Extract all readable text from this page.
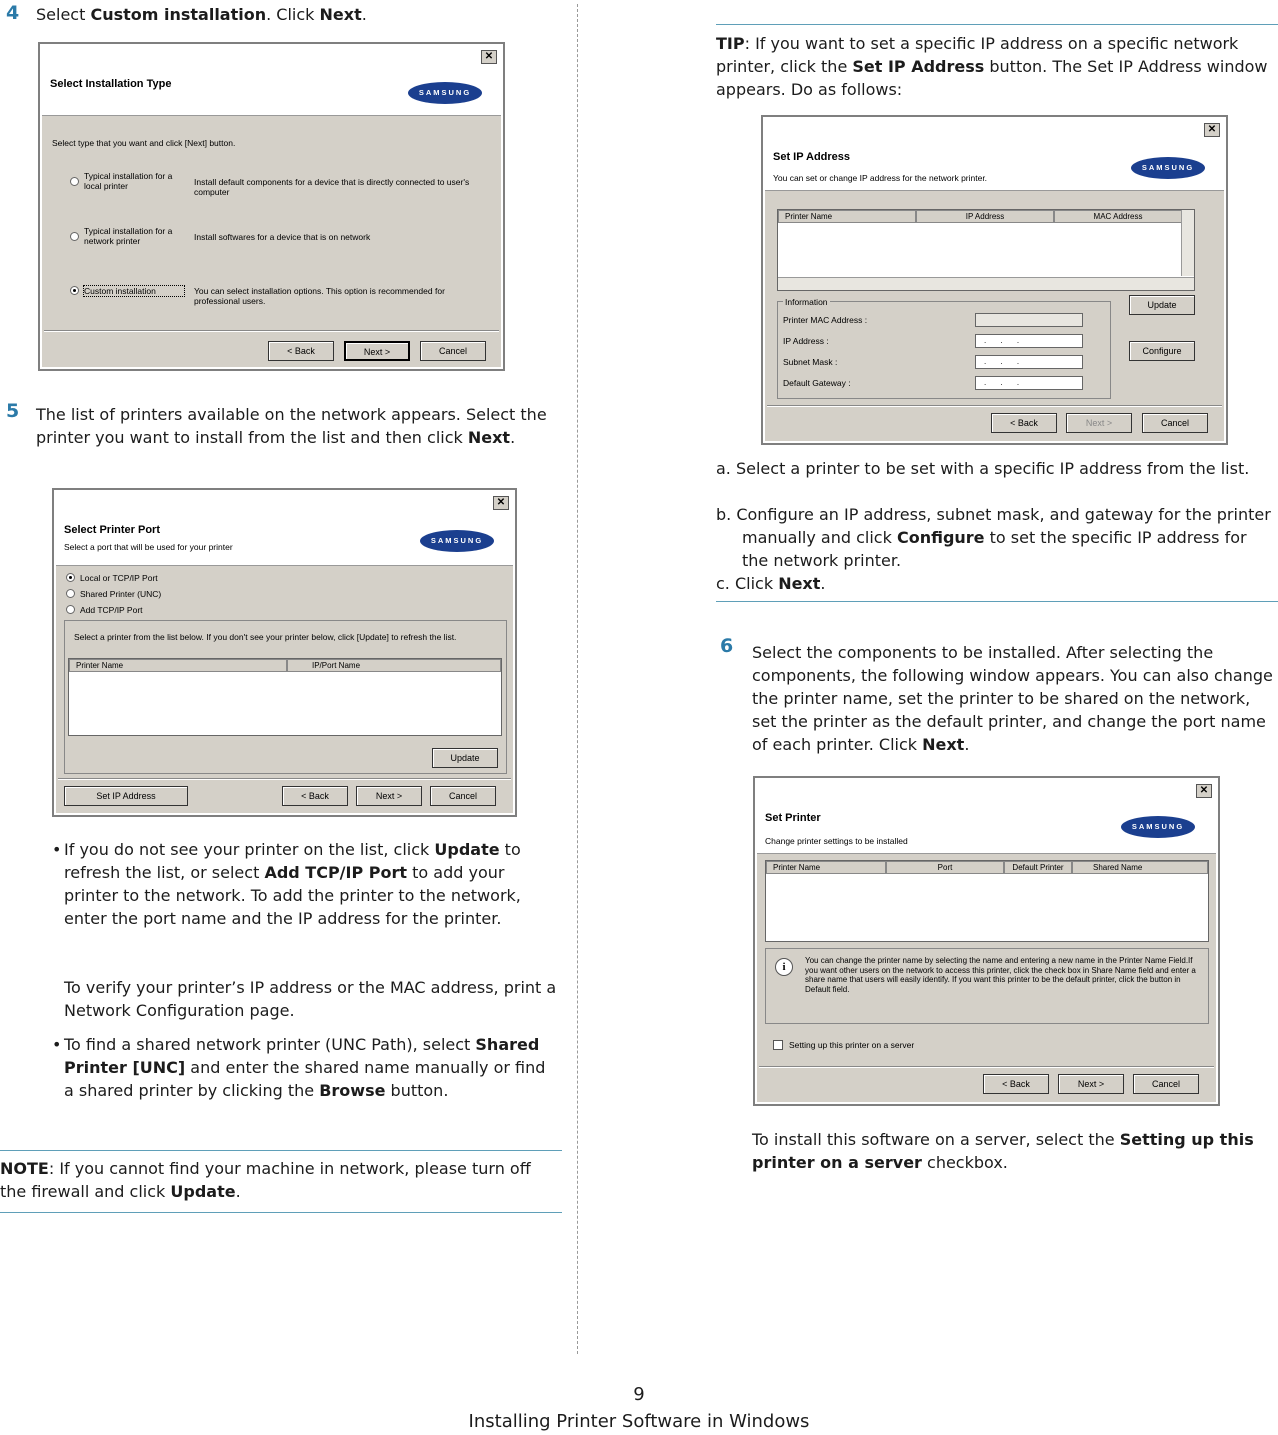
4 Select Custom installation. Click Next.
✕
Select Installation Type
SAMSUNG
Select type that you want and click [Next] button.
Typical installation for a local printer	Install default components for a device that is directly connected to user's computer
Typical installation for a network printer	Install softwares for a device that is on network
Custom installation	You can select installation options. This option is recommended for professional users.
< Back	Next >	Cancel
5 The list of printers available on the network appears. Select the printer you want to install from the list and then click Next.
✕
Select Printer Port
Select a port that will be used for your printer
SAMSUNG
Local or TCP/IP Port
Shared Printer (UNC)
Add TCP/IP Port
Select a printer from the list below. If you don't see your printer below, click [Update] to refresh the list.
Printer Name	IP/Port Name
Update
Set IP Address	< Back	Next >	Cancel
• If you do not see your printer on the list, click Update to refresh the list, or select Add TCP/IP Port to add your printer to the network. To add the printer to the network, enter the port name and the IP address for the printer.
To verify your printer’s IP address or the MAC address, print a Network Configuration page.
• To find a shared network printer (UNC Path), select Shared Printer [UNC] and enter the shared name manually or find a shared printer by clicking the Browse button.
NOTE: If you cannot find your machine in network, please turn off the firewall and click Update.
TIP: If you want to set a specific IP address on a specific network printer, click the Set IP Address button. The Set IP Address window appears. Do as follows:
✕
Set IP Address
You can set or change IP address for the network printer.
SAMSUNG
Printer Name	IP Address	MAC Address
Information
Printer MAC Address :
IP Address :	. . .
Subnet Mask :	. . .
Default Gateway :	. . .
Update
Configure
< Back	Next >	Cancel
a. Select a printer to be set with a specific IP address from the list.
b. Configure an IP address, subnet mask, and gateway for the printer manually and click Configure to set the specific IP address for the network printer.
c. Click Next.
6 Select the components to be installed. After selecting the components, the following window appears. You can also change the printer name, set the printer to be shared on the network, set the printer as the default printer, and change the port name of each printer. Click Next.
✕
Set Printer
Change printer settings to be installed
SAMSUNG
Printer Name	Port	Default Printer	Shared Name
i
You can change the printer name by selecting the name and entering a new name in the Printer Name Field.If you want other users on the network to access this printer, click the check box in Share Name field and enter a share name that users will easily identify. If you want this printer to be the default printer, click the button in Default field.
Setting up this printer on a server
< Back	Next >	Cancel
To install this software on a server, select the Setting up this printer on a server checkbox.
9
Installing Printer Software in Windows
